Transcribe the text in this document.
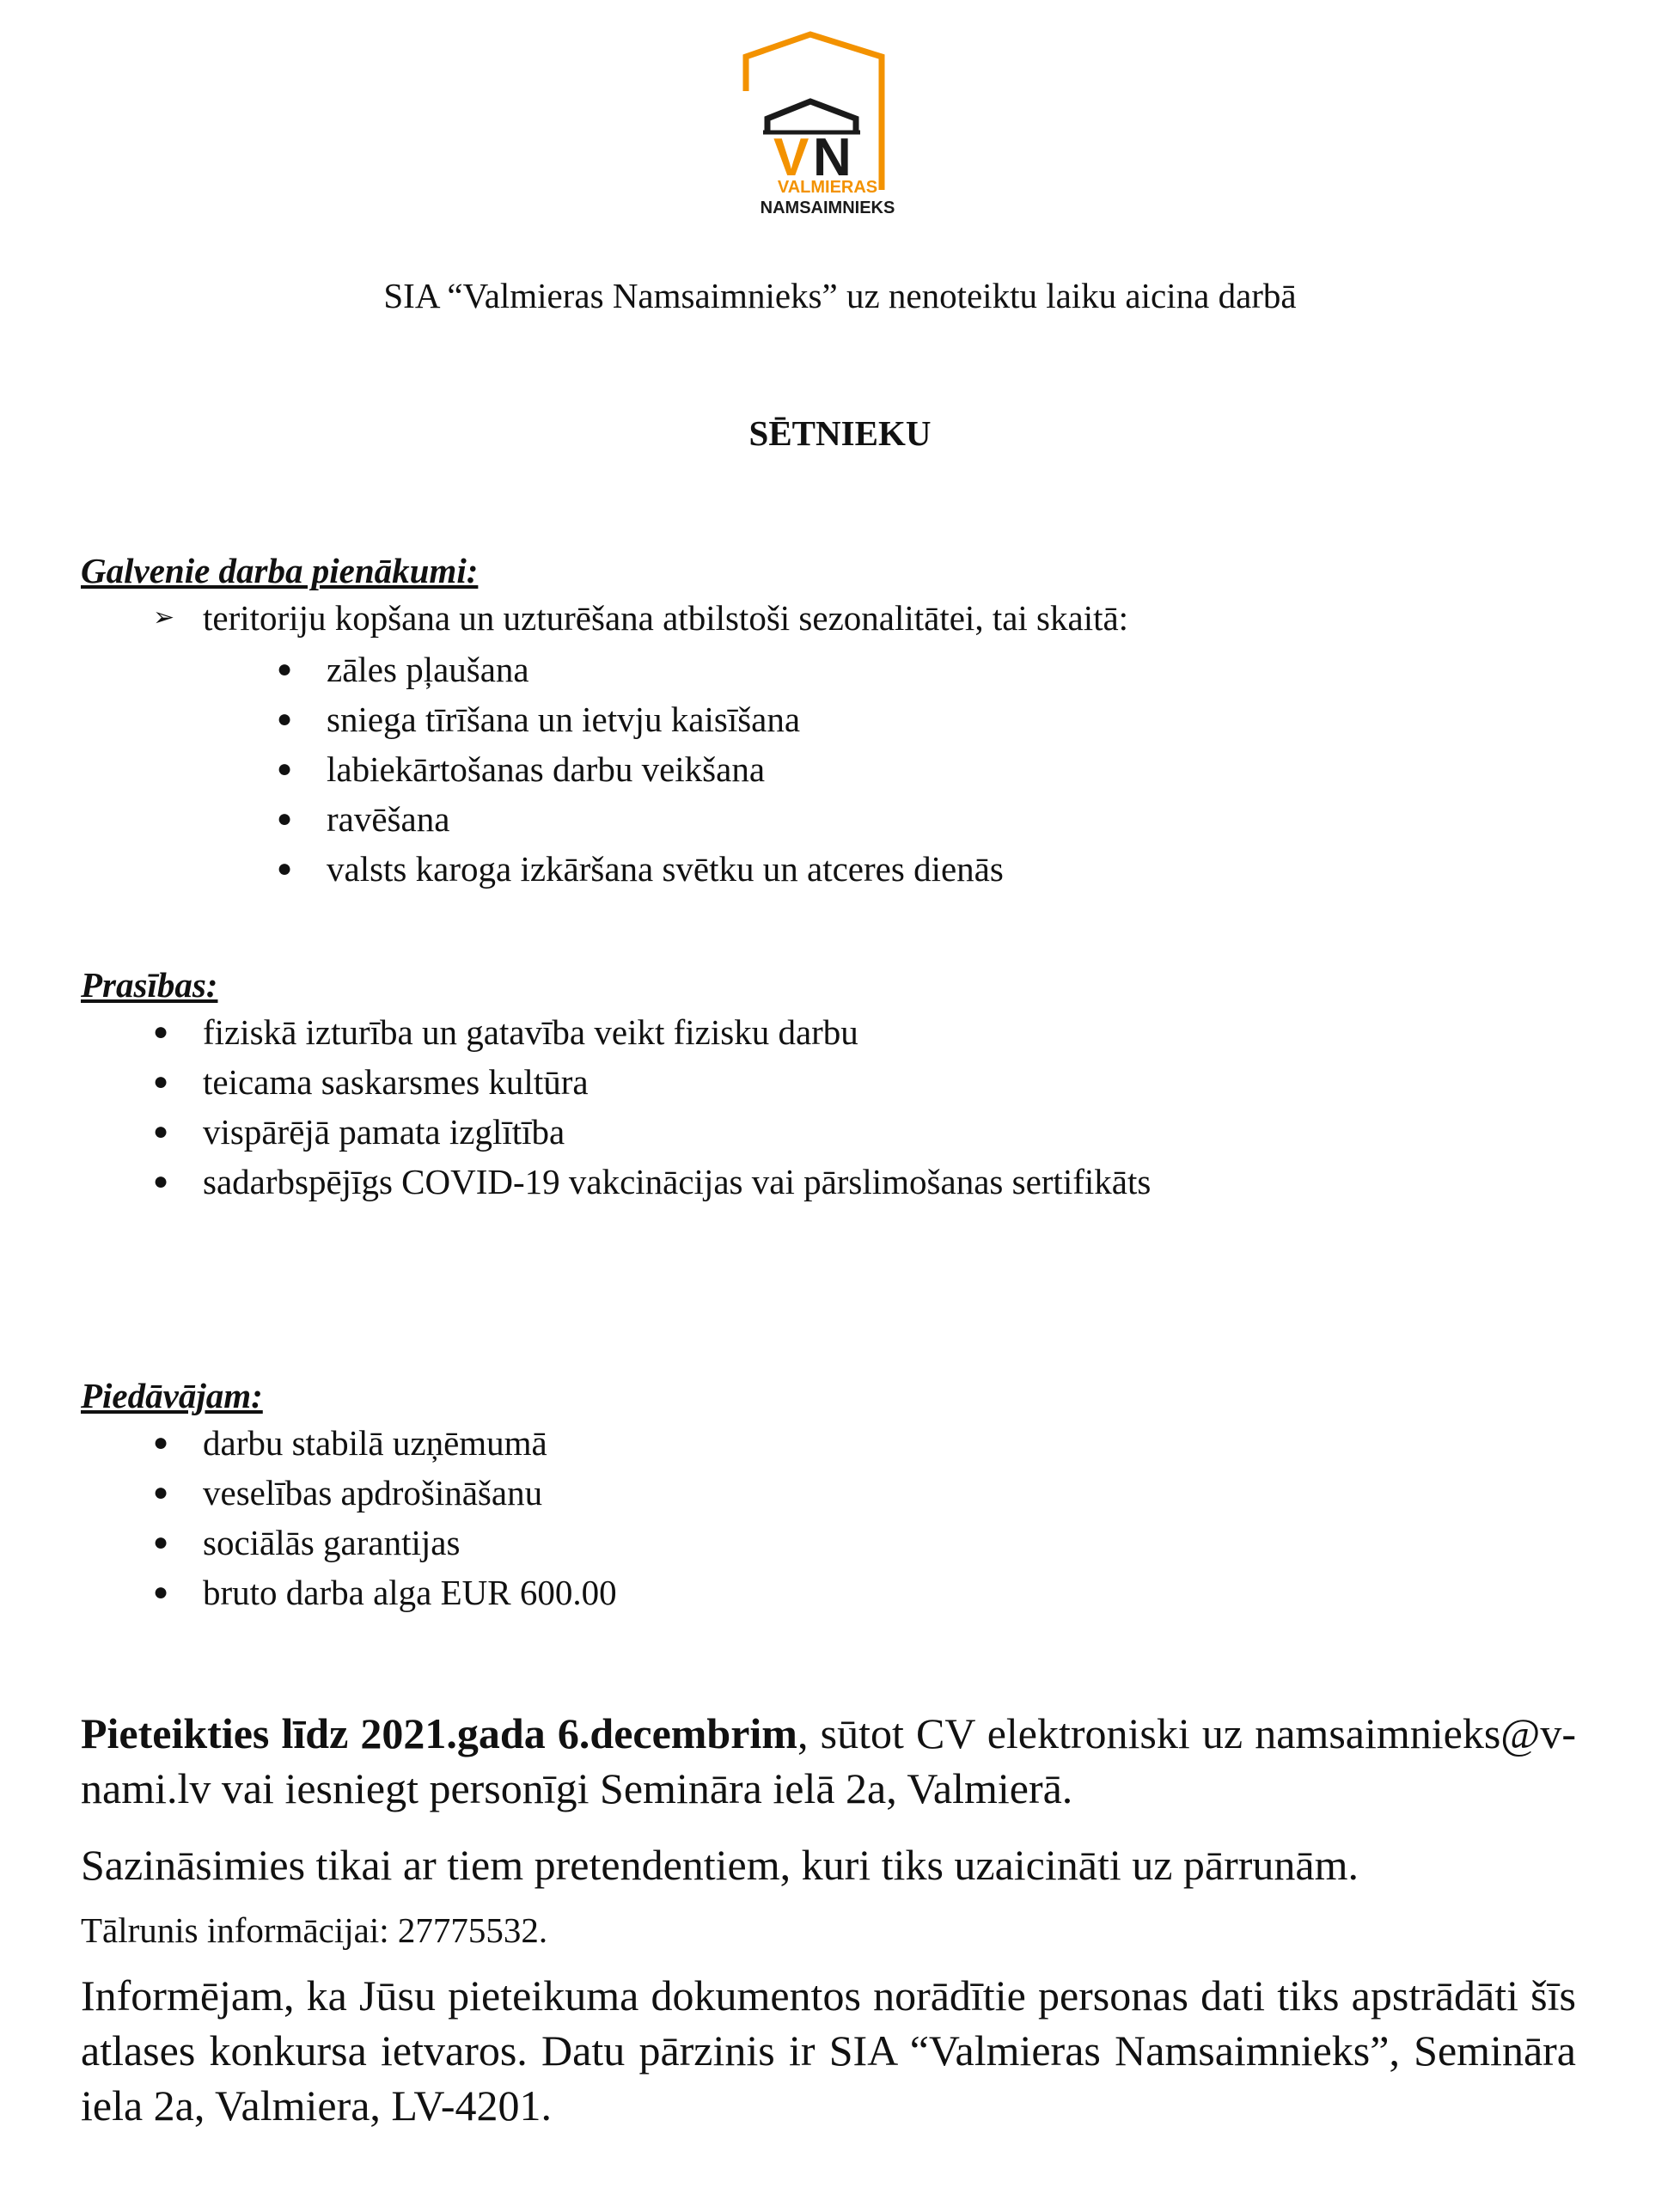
V N
VALMIERAS
NAMSAIMNIEKS
SIA “Valmieras Namsaimnieks” uz nenoteiktu laiku aicina darbā
SĒTNIEKU
Galvenie darba pienākumi:
➢ teritoriju kopšana un uzturēšana atbilstoši sezonalitātei, tai skaitā:
● zāles pļaušana
● sniega tīrīšana un ietvju kaisīšana
● labiekārtošanas darbu veikšana
● ravēšana
● valsts karoga izkāršana svētku un atceres dienās
Prasības:
● fiziskā izturība un gatavība veikt fizisku darbu
● teicama saskarsmes kultūra
● vispārējā pamata izglītība
● sadarbspējīgs COVID-19 vakcinācijas vai pārslimošanas sertifikāts
Piedāvājam:
● darbu stabilā uzņēmumā
● veselības apdrošināšanu
● sociālās garantijas
● bruto darba alga EUR 600.00
Pieteikties līdz 2021.gada 6.decembrim, sūtot CV elektroniski uz namsaimnieks@v-nami.lv vai iesniegt personīgi Semināra ielā 2a, Valmierā.
Sazināsimies tikai ar tiem pretendentiem, kuri tiks uzaicināti uz pārrunām.
Tālrunis informācijai: 27775532.
Informējam, ka Jūsu pieteikuma dokumentos norādītie personas dati tiks apstrādāti šīs atlases konkursa ietvaros. Datu pārzinis ir SIA “Valmieras Namsaimnieks”, Semināra iela 2a, Valmiera, LV-4201.
